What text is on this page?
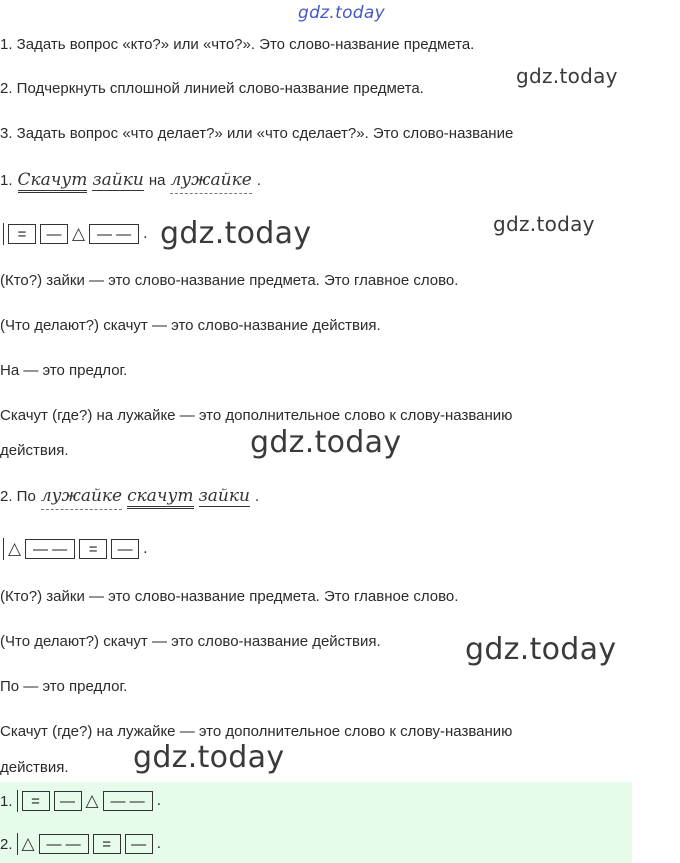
gdz.today
gdz.today
gdz.today
gdz.today
gdz.today
gdz.today
gdz.today
1. Задать вопрос «кто?» или «что?». Это слово-название предмета.
2. Подчеркнуть сплошной линией слово-название предмета.
3. Задать вопрос «что делает?» или «что сделает?». Это слово-название
1. Скачут зайки на лужайке .
=	— △ — — .
(Кто?) зайки — это слово-название предмета. Это главное слово.
(Что делают?) скачут — это слово-название действия.
На — это предлог.
Скачут (где?) на лужайке — это дополнительное слово к слову-названию
действия.
2. По лужайке скачут зайки .
△ — —	=	— .
(Кто?) зайки — это слово-название предмета. Это главное слово.
(Что делают?) скачут — это слово-название действия.
По — это предлог.
Скачут (где?) на лужайке — это дополнительное слово к слову-названию
действия.
1.	=	— △ — — .
2. △ — —	=	— .
